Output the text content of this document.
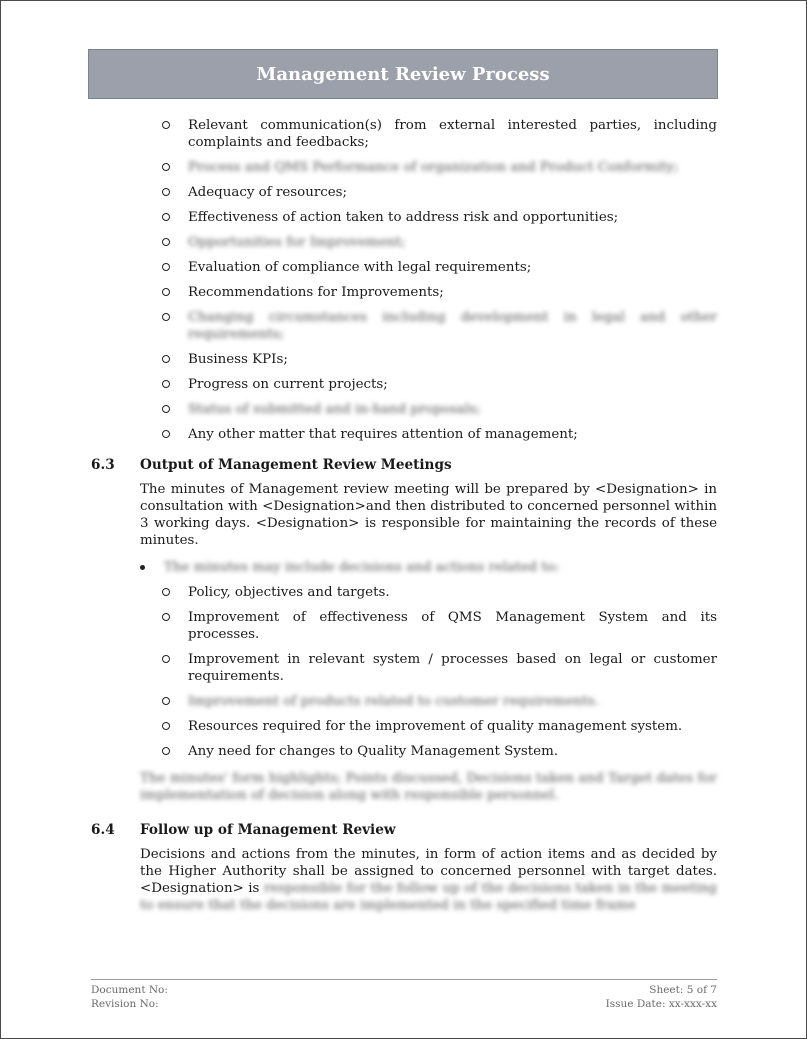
Management Review Process
Relevant communication(s) from external interested parties, including complaints and feedbacks;
Process and QMS Performance of organization and Product Conformity;
Adequacy of resources;
Effectiveness of action taken to address risk and opportunities;
Opportunities for Improvement;
Evaluation of compliance with legal requirements;
Recommendations for Improvements;
Changing circumstances including development in legal and other requirements;
Business KPIs;
Progress on current projects;
Status of submitted and in-hand proposals;
Any other matter that requires attention of management;
6.3	Output of Management Review Meetings
The minutes of Management review meeting will be prepared by <Designation> in consultation with <Designation>and then distributed to concerned personnel within 3 working days. <Designation> is responsible for maintaining the records of these minutes.
The minutes may include decisions and actions related to:
Policy, objectives and targets.
Improvement of effectiveness of QMS Management System and its processes.
Improvement in relevant system / processes based on legal or customer requirements.
Improvement of products related to customer requirements.
Resources required for the improvement of quality management system.
Any need for changes to Quality Management System.
The minutes' form highlights; Points discussed, Decisions taken and Target dates for implementation of decision along with responsible personnel.
6.4	Follow up of Management Review
Decisions and actions from the minutes, in form of action items and as decided by the Higher Authority shall be assigned to concerned personnel with target dates. <Designation> is responsible for the follow up of the decisions taken in the meeting to ensure that the decisions are implemented in the specified time frame
Document No:
Revision No:
Sheet: 5 of 7
Issue Date: xx-xxx-xx
